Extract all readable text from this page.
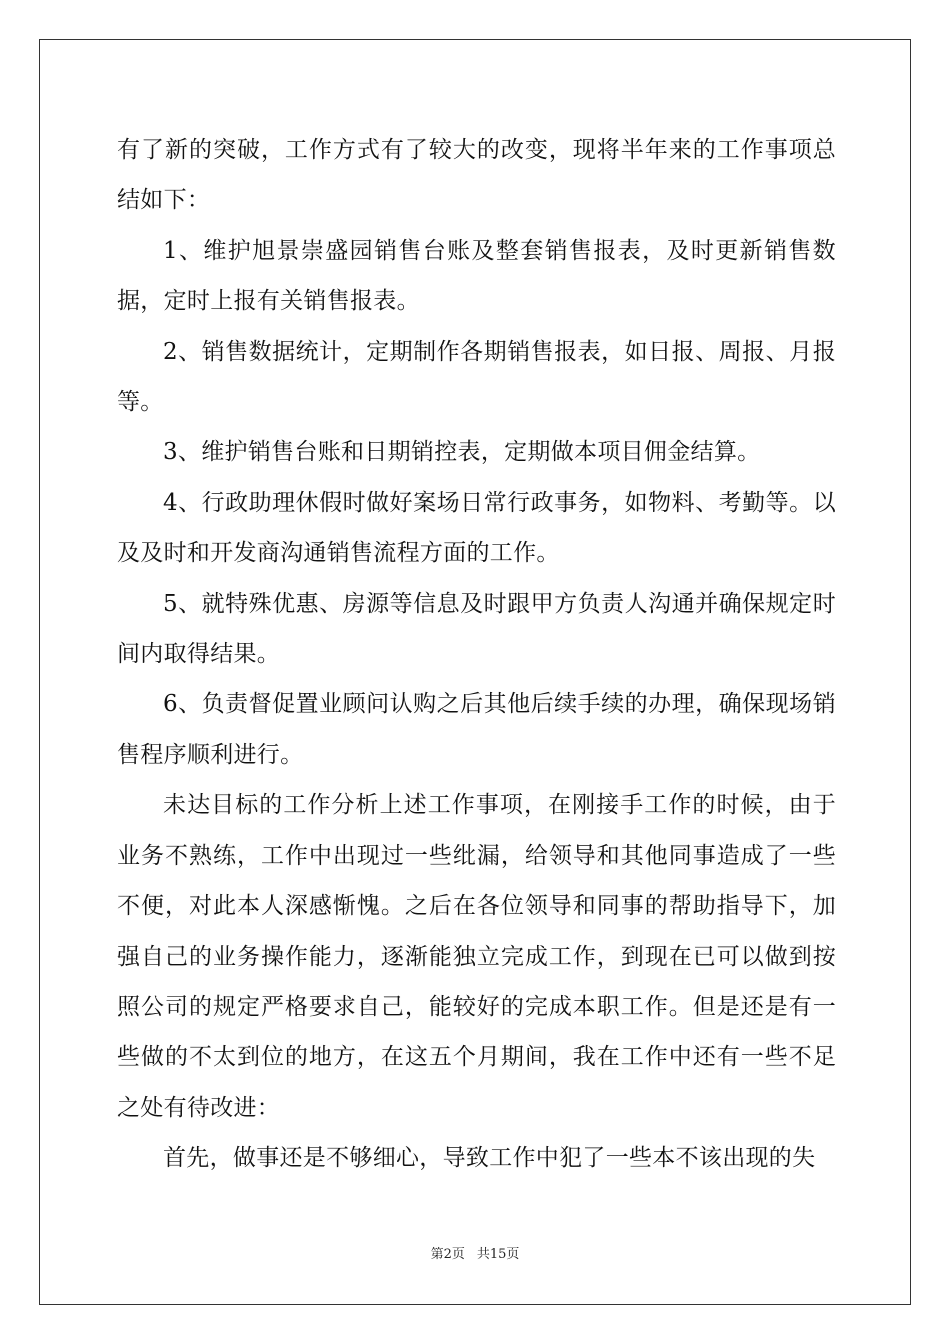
有了新的突破，工作方式有了较大的改变，现将半年来的工作事项总结如下：

1、维护旭景崇盛园销售台账及整套销售报表，及时更新销售数据，定时上报有关销售报表。

2、销售数据统计，定期制作各期销售报表，如日报、周报、月报等。

3、维护销售台账和日期销控表，定期做本项目佣金结算。

4、行政助理休假时做好案场日常行政事务，如物料、考勤等。以及及时和开发商沟通销售流程方面的工作。

5、就特殊优惠、房源等信息及时跟甲方负责人沟通并确保规定时间内取得结果。

6、负责督促置业顾问认购之后其他后续手续的办理，确保现场销售程序顺利进行。

未达目标的工作分析上述工作事项，在刚接手工作的时候，由于业务不熟练，工作中出现过一些纰漏，给领导和其他同事造成了一些不便，对此本人深感惭愧。之后在各位领导和同事的帮助指导下，加强自己的业务操作能力，逐渐能独立完成工作，到现在已可以做到按照公司的规定严格要求自己，能较好的完成本职工作。但是还是有一些做的不太到位的地方，在这五个月期间，我在工作中还有一些不足之处有待改进：

首先，做事还是不够细心，导致工作中犯了一些本不该出现的失

第2页 共15页
